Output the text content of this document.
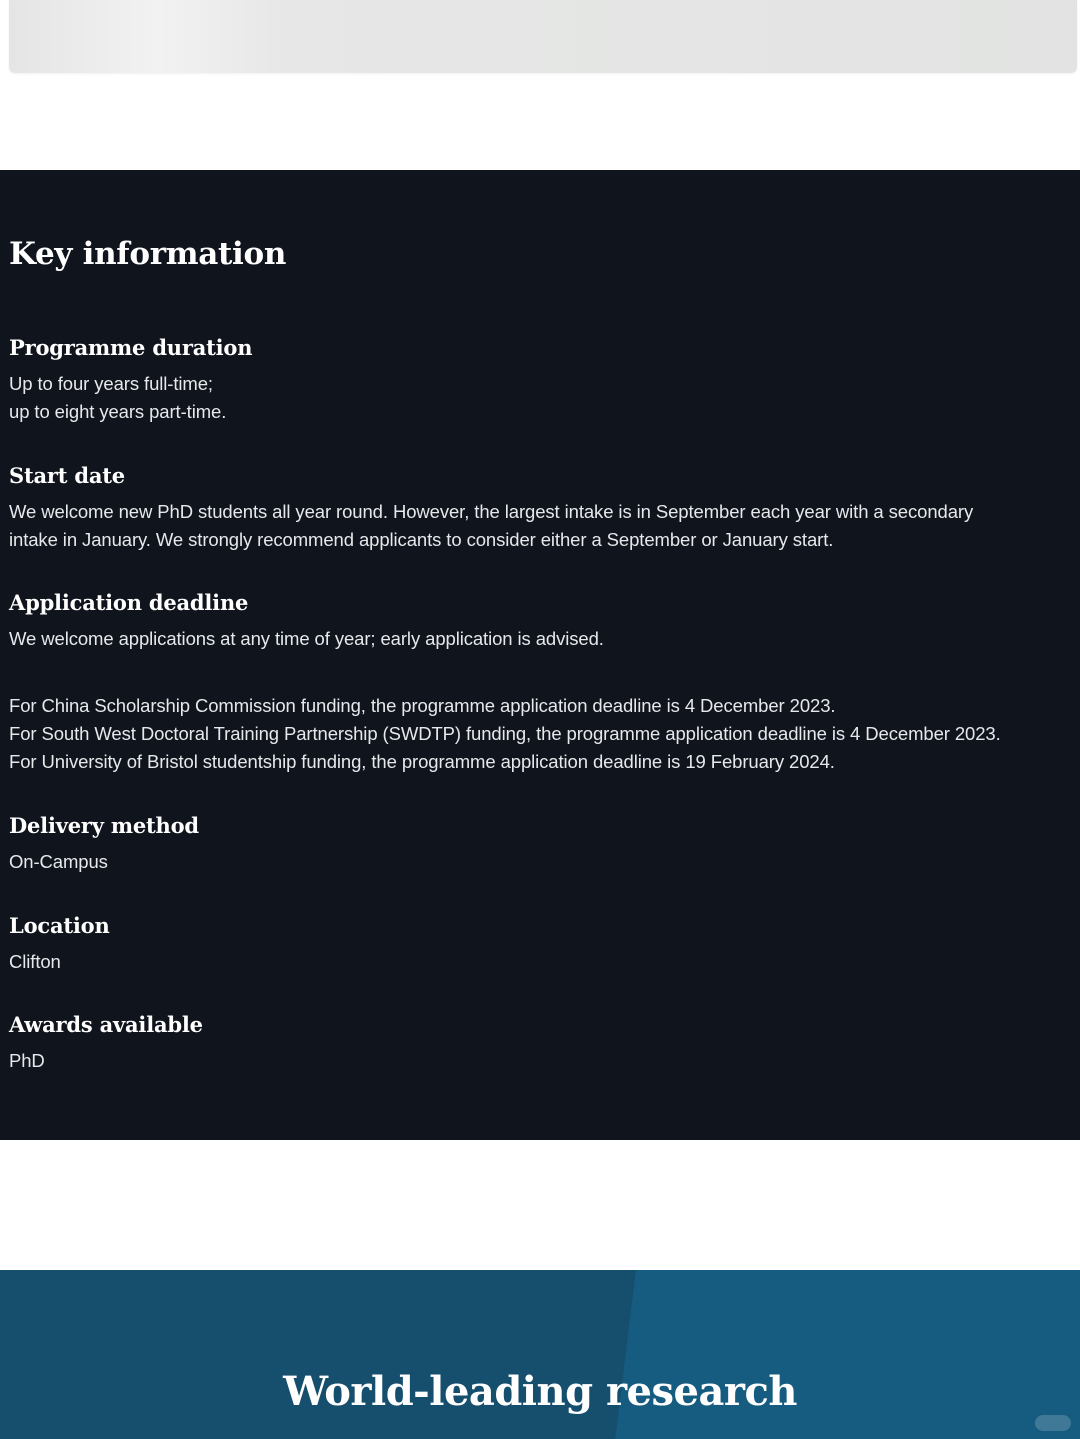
Key information
Programme duration

Up to four years full-time;

up to eight years part-time.

Start date

We welcome new PhD students all year round. However, the largest intake is in September each year with a secondary

intake in January. We strongly recommend applicants to consider either a September or January start.

Application deadline

We welcome applications at any time of year; early application is advised.

For China Scholarship Commission funding, the programme application deadline is 4 December 2023.

For South West Doctoral Training Partnership (SWDTP) funding, the programme application deadline is 4 December 2023.

For University of Bristol studentship funding, the programme application deadline is 19 February 2024.

Delivery method

On-Campus

Location

Clifton

Awards available

PhD

World-leading research
